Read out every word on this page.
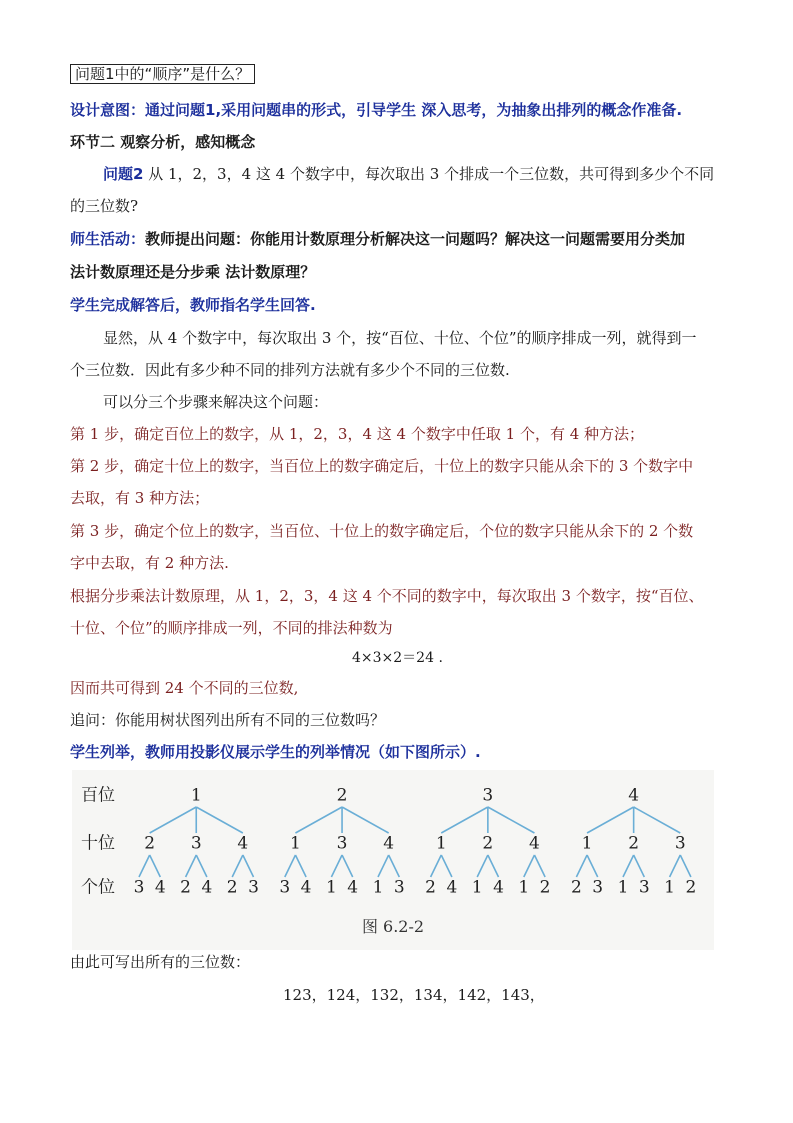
问题1中的“顺序”是什么？
设计意图：通过问题1,采用问题串的形式，引导学生 深入思考，为抽象出排列的概念作准备.
环节二 观察分析，感知概念
问题2 从 1，2，3，4 这 4 个数字中，每次取出 3 个排成一个三位数，共可得到多少个不同
的三位数?
师生活动：教师提出问题：你能用计数原理分析解决这一问题吗？解决这一问题需要用分类加
法计数原理还是分步乘 法计数原理？
学生完成解答后，教师指名学生回答.
显然，从 4 个数字中，每次取出 3 个，按“百位、十位、个位”的顺序排成一列，就得到一
个三位数．因此有多少种不同的排列方法就有多少个不同的三位数.
可以分三个步骤来解决这个问题：
第 1 步，确定百位上的数字，从 1，2，3，4 这 4 个数字中任取 1 个，有 4 种方法；
第 2 步，确定十位上的数字，当百位上的数字确定后，十位上的数字只能从余下的 3 个数字中
去取，有 3 种方法；
第 3 步，确定个位上的数字，当百位、十位上的数字确定后，个位的数字只能从余下的 2 个数
字中去取，有 2 种方法.
根据分步乘法计数原理，从 1，2，3，4 这 4 个不同的数字中，每次取出 3 个数字，按“百位、
十位、个位”的顺序排成一列，不同的排法种数为
4×3×2＝24 .
因而共可得到 24 个不同的三位数,
追问：你能用树状图列出所有不同的三位数吗？
学生列举，教师用投影仪展示学生的列举情况（如下图所示）.
百位
十位
个位
2
3 4
3
2 4
4
2 3
1
1
3 4
3
1 4
4
1 3
2
1
2 4
2
1 4
4
1 2
3
1
2 3
2
1 3
3
1 2
4
图 6.2-2
由此可写出所有的三位数：
123，124，132，134，142，143，
